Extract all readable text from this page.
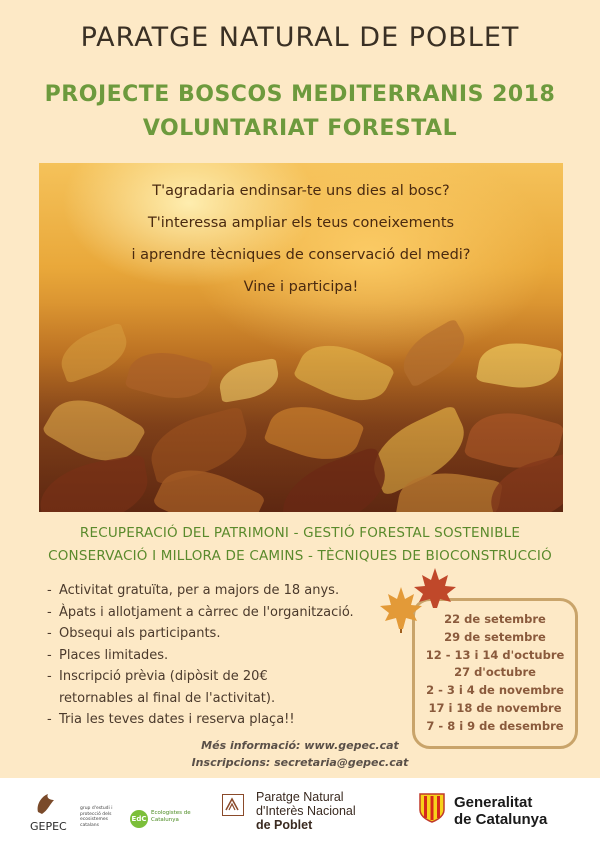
PARATGE NATURAL DE POBLET
PROJECTE BOSCOS MEDITERRANIS 2018
VOLUNTARIAT FORESTAL
T'agradaria endinsar-te uns dies al bosc?
T'interessa ampliar els teus coneixements
i aprendre tècniques de conservació del medi?
Vine i participa!
RECUPERACIÓ DEL PATRIMONI - GESTIÓ FORESTAL SOSTENIBLE
CONSERVACIÓ I MILLORA DE CAMINS - TÈCNIQUES DE BIOCONSTRUCCIÓ
- Activitat gratuïta, per a majors de 18 anys.
- Àpats i allotjament a càrrec de l'organització.
- Obsequi als participants.
- Places limitades.
- Inscripció prèvia (dipòsit de 20€
retornables al final de l'activitat).
- Tria les teves dates i reserva plaça!!
22 de setembre
29 de setembre
12 - 13 i 14 d'octubre
27 d'octubre
2 - 3 i 4 de novembre
17 i 18 de novembre
7 - 8 i 9 de desembre
Més informació: www.gepec.cat
Inscripcions: secretaria@gepec.cat
GEPEC
grup d'estudi i protecció dels ecosistemes catalans
EdC
Ecologistes de Catalunya
Paratge Natural
d'Interès Nacional
de Poblet
Generalitat
de Catalunya
